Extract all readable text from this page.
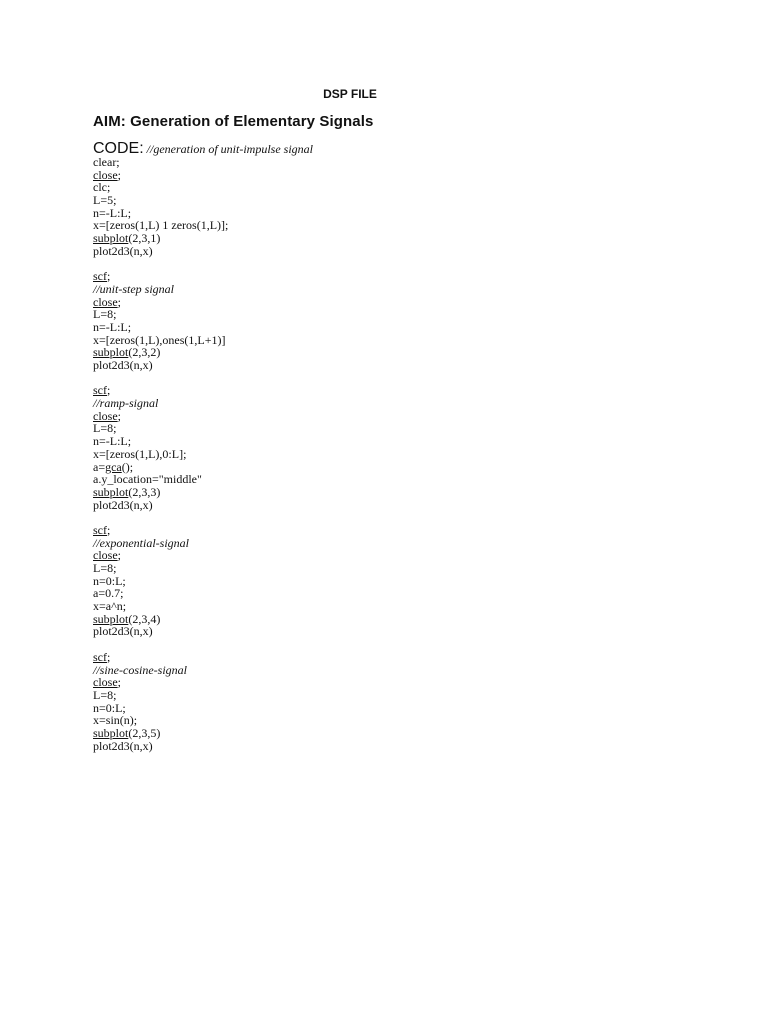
DSP FILE
AIM: Generation of Elementary Signals
CODE: //generation of unit-impulse signal
clear;
close;
clc;
L=5;
n=-L:L;
x=[zeros(1,L) 1 zeros(1,L)];
subplot(2,3,1)
plot2d3(n,x)
scf;
//unit-step signal
close;
L=8;
n=-L:L;
x=[zeros(1,L),ones(1,L+1)]
subplot(2,3,2)
plot2d3(n,x)
scf;
//ramp-signal
close;
L=8;
n=-L:L;
x=[zeros(1,L),0:L];
a=gca();
a.y_location="middle"
subplot(2,3,3)
plot2d3(n,x)
scf;
//exponential-signal
close;
L=8;
n=0:L;
a=0.7;
x=a^n;
subplot(2,3,4)
plot2d3(n,x)
scf;
//sine-cosine-signal
close;
L=8;
n=0:L;
x=sin(n);
subplot(2,3,5)
plot2d3(n,x)
